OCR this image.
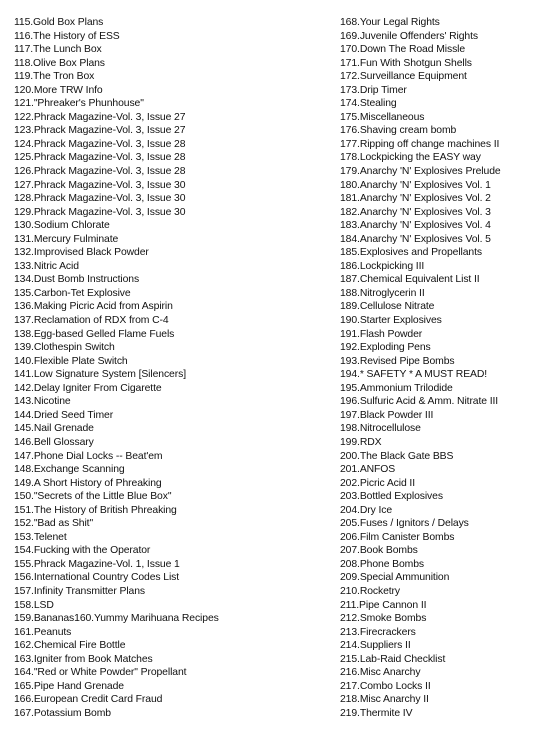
115.Gold Box Plans
116.The History of ESS
117.The Lunch Box
118.Olive Box Plans
119.The Tron Box
120.More TRW Info
121."Phreaker's Phunhouse"
122.Phrack Magazine-Vol. 3, Issue 27
123.Phrack Magazine-Vol. 3, Issue 27
124.Phrack Magazine-Vol. 3, Issue 28
125.Phrack Magazine-Vol. 3, Issue 28
126.Phrack Magazine-Vol. 3, Issue 28
127.Phrack Magazine-Vol. 3, Issue 30
128.Phrack Magazine-Vol. 3, Issue 30
129.Phrack Magazine-Vol. 3, Issue 30
130.Sodium Chlorate
131.Mercury Fulminate
132.Improvised Black Powder
133.Nitric Acid
134.Dust Bomb Instructions
135.Carbon-Tet Explosive
136.Making Picric Acid from Aspirin
137.Reclamation of RDX from C-4
138.Egg-based Gelled Flame Fuels
139.Clothespin Switch
140.Flexible Plate Switch
141.Low Signature System [Silencers]
142.Delay Igniter From Cigarette
143.Nicotine
144.Dried Seed Timer
145.Nail Grenade
146.Bell Glossary
147.Phone Dial Locks -- Beat'em
148.Exchange Scanning
149.A Short History of Phreaking
150."Secrets of the Little Blue Box"
151.The History of British Phreaking
152."Bad as Shit"
153.Telenet
154.Fucking with the Operator
155.Phrack Magazine-Vol. 1, Issue 1
156.International Country Codes List
157.Infinity Transmitter Plans
158.LSD
159.Bananas160.Yummy Marihuana Recipes
161.Peanuts
162.Chemical Fire Bottle
163.Igniter from Book Matches
164."Red or White Powder" Propellant
165.Pipe Hand Grenade
166.European Credit Card Fraud
167.Potassium Bomb
168.Your Legal Rights
169.Juvenile Offenders' Rights
170.Down The Road Missle
171.Fun With Shotgun Shells
172.Surveillance Equipment
173.Drip Timer
174.Stealing
175.Miscellaneous
176.Shaving cream bomb
177.Ripping off change machines II
178.Lockpicking the EASY way
179.Anarchy 'N' Explosives Prelude
180.Anarchy 'N' Explosives Vol. 1
181.Anarchy 'N' Explosives Vol. 2
182.Anarchy 'N' Explosives Vol. 3
183.Anarchy 'N' Explosives Vol. 4
184.Anarchy 'N' Explosives Vol. 5
185.Explosives and Propellants
186.Lockpicking III
187.Chemical Equivalent List II
188.Nitroglycerin II
189.Cellulose Nitrate
190.Starter Explosives
191.Flash Powder
192.Exploding Pens
193.Revised Pipe Bombs
194.* SAFETY * A MUST READ!
195.Ammonium Trilodide
196.Sulfuric Acid & Amm. Nitrate III
197.Black Powder III
198.Nitrocellulose
199.RDX
200.The Black Gate BBS
201.ANFOS
202.Picric Acid II
203.Bottled Explosives
204.Dry Ice
205.Fuses / Ignitors / Delays
206.Film Canister Bombs
207.Book Bombs
208.Phone Bombs
209.Special Ammunition
210.Rocketry
211.Pipe Cannon II
212.Smoke Bombs
213.Firecrackers
214.Suppliers II
215.Lab-Raid Checklist
216.Misc Anarchy
217.Combo Locks II
218.Misc Anarchy II
219.Thermite IV
